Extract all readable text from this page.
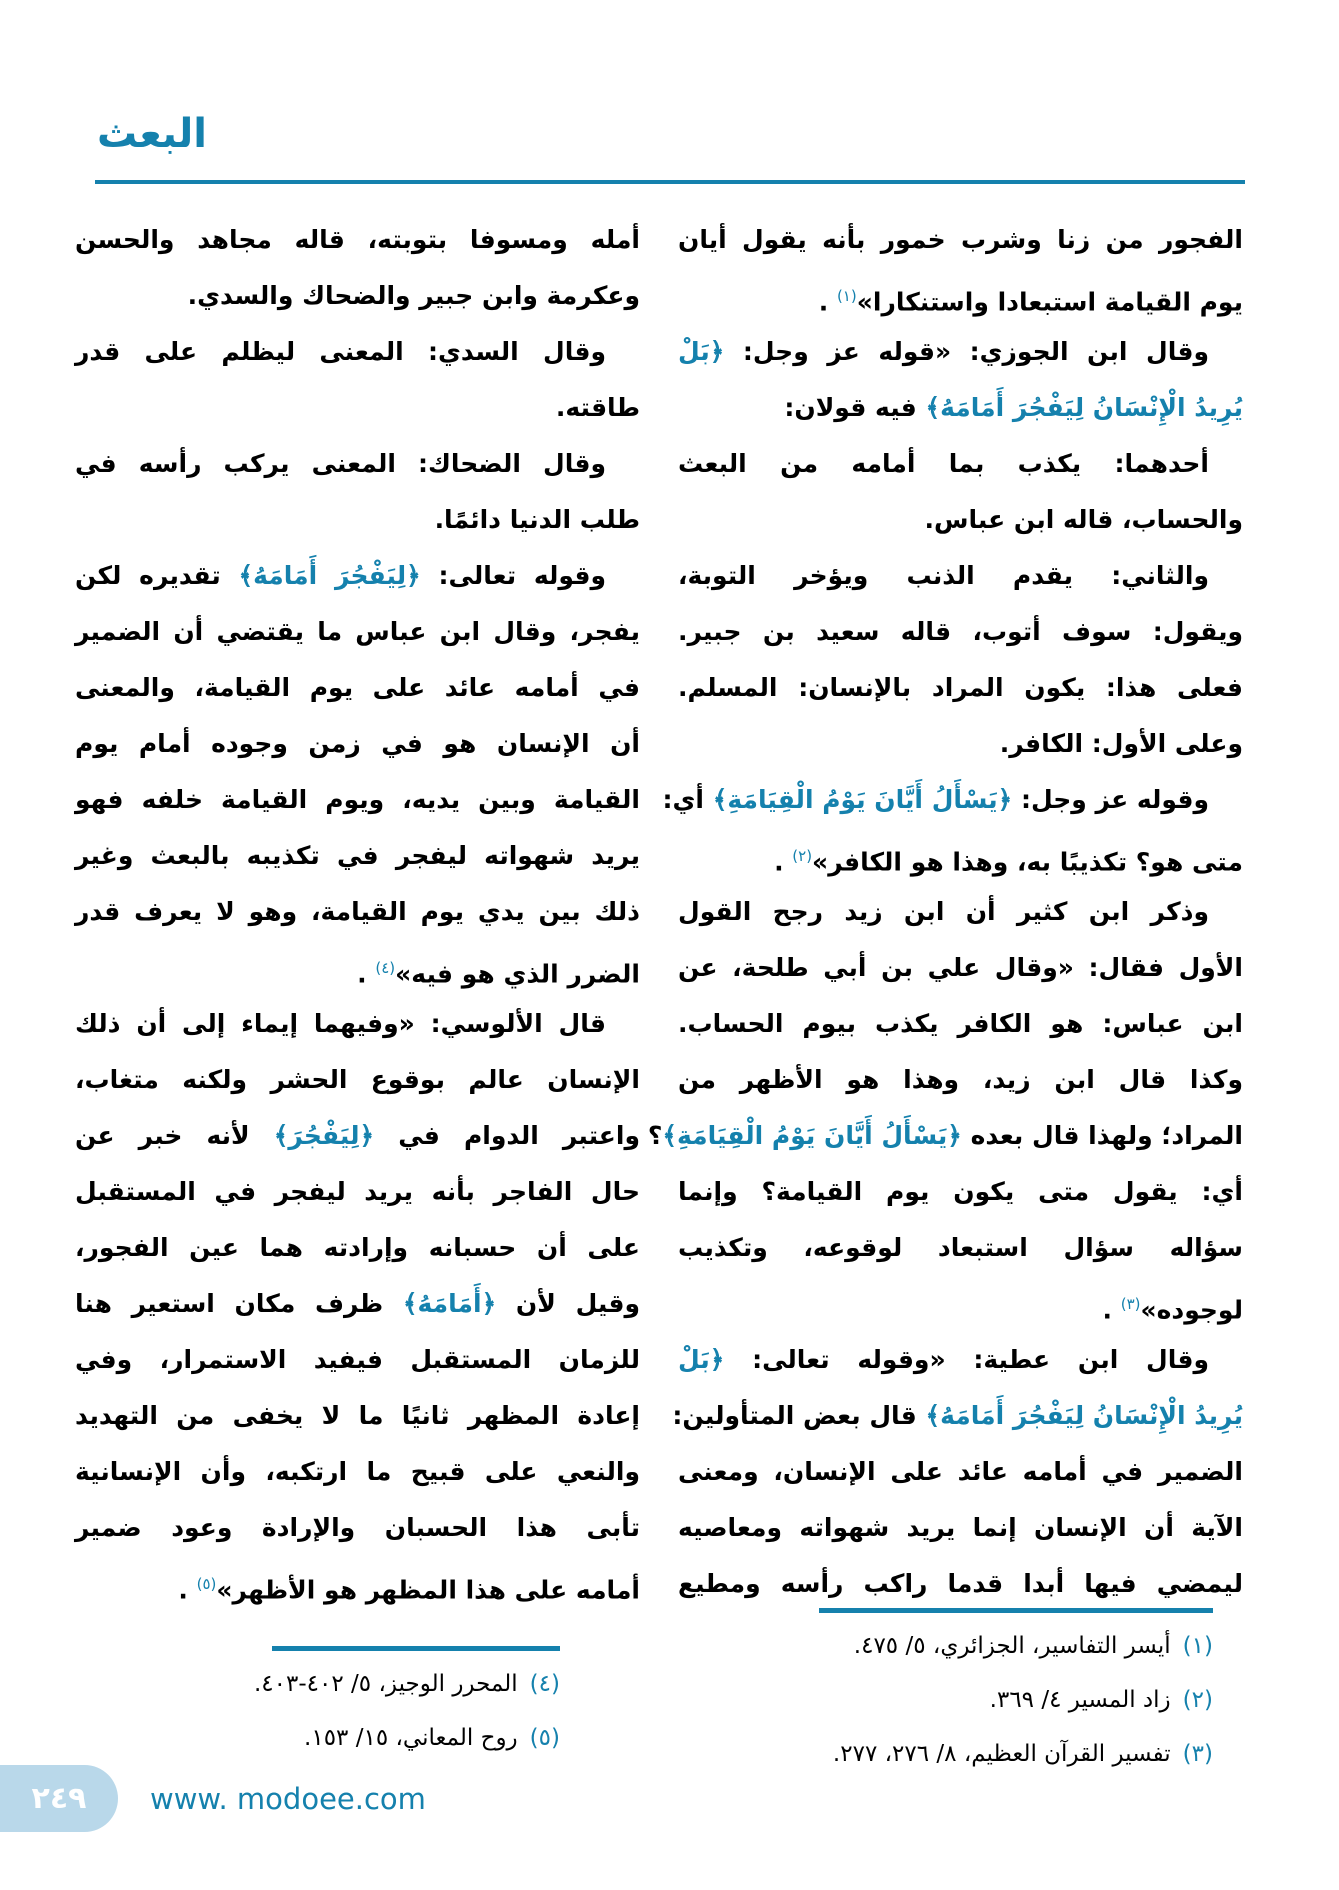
البعث
الفجور من زنا وشرب خمور بأنه يقول أيان
يوم القيامة استبعادا واستنكارا»$^{(١)}$ .
وقال ابن الجوزي: «قوله عز وجل: ﴿بَلْ
يُرِيدُ الْإِنْسَانُ لِيَفْجُرَ أَمَامَهُ﴾ فيه قولان:
أحدهما: يكذب بما أمامه من البعث
والحساب، قاله ابن عباس.
والثاني: يقدم الذنب ويؤخر التوبة،
ويقول: سوف أتوب، قاله سعيد بن جبير.
فعلى هذا: يكون المراد بالإنسان: المسلم.
وعلى الأول: الكافر.
وقوله عز وجل: ﴿يَسْأَلُ أَيَّانَ يَوْمُ الْقِيَامَةِ﴾ أي:
متى هو؟ تكذيبًا به، وهذا هو الكافر»$^{(٢)}$ .
وذكر ابن كثير أن ابن زيد رجح القول
الأول فقال: «وقال علي بن أبي طلحة، عن
ابن عباس: هو الكافر يكذب بيوم الحساب.
وكذا قال ابن زيد، وهذا هو الأظهر من
المراد؛ ولهذا قال بعده ﴿يَسْأَلُ أَيَّانَ يَوْمُ الْقِيَامَةِ﴾؟
أي: يقول متى يكون يوم القيامة؟ وإنما
سؤاله سؤال استبعاد لوقوعه، وتكذيب
لوجوده»$^{(٣)}$ .
وقال ابن عطية: «وقوله تعالى: ﴿بَلْ
يُرِيدُ الْإِنْسَانُ لِيَفْجُرَ أَمَامَهُ﴾ قال بعض المتأولين:
الضمير في أمامه عائد على الإنسان، ومعنى
الآية أن الإنسان إنما يريد شهواته ومعاصيه
ليمضي فيها أبدا قدما راكب رأسه ومطيع
أمله ومسوفا بتوبته، قاله مجاهد والحسن
وعكرمة وابن جبير والضحاك والسدي.
وقال السدي: المعنى ليظلم على قدر
طاقته.
وقال الضحاك: المعنى يركب رأسه في
طلب الدنيا دائمًا.
وقوله تعالى: ﴿لِيَفْجُرَ أَمَامَهُ﴾ تقديره لكن
يفجر، وقال ابن عباس ما يقتضي أن الضمير
في أمامه عائد على يوم القيامة، والمعنى
أن الإنسان هو في زمن وجوده أمام يوم
القيامة وبين يديه، ويوم القيامة خلفه فهو
يريد شهواته ليفجر في تكذيبه بالبعث وغير
ذلك بين يدي يوم القيامة، وهو لا يعرف قدر
الضرر الذي هو فيه»$^{(٤)}$ .
قال الألوسي: «وفيهما إيماء إلى أن ذلك
الإنسان عالم بوقوع الحشر ولكنه متغاب،
واعتبر الدوام في ﴿لِيَفْجُرَ﴾ لأنه خبر عن
حال الفاجر بأنه يريد ليفجر في المستقبل
على أن حسبانه وإرادته هما عين الفجور،
وقيل لأن ﴿أَمَامَهُ﴾ ظرف مكان استعير هنا
للزمان المستقبل فيفيد الاستمرار، وفي
إعادة المظهر ثانيًا ما لا يخفى من التهديد
والنعي على قبيح ما ارتكبه، وأن الإنسانية
تأبى هذا الحسبان والإرادة وعود ضمير
أمامه على هذا المظهر هو الأظهر»$^{(٥)}$ .
(١)أيسر التفاسير، الجزائري، ٥/ ٤٧٥.
(٢)زاد المسير ٤/ ٣٦٩.
(٣)تفسير القرآن العظيم، ٨/ ٢٧٦، ٢٧٧.
(٤)المحرر الوجيز، ٥/ ٤٠٢-٤٠٣.
(٥)روح المعاني، ١٥/ ١٥٣.
٢٤٩ www. modoee.com
